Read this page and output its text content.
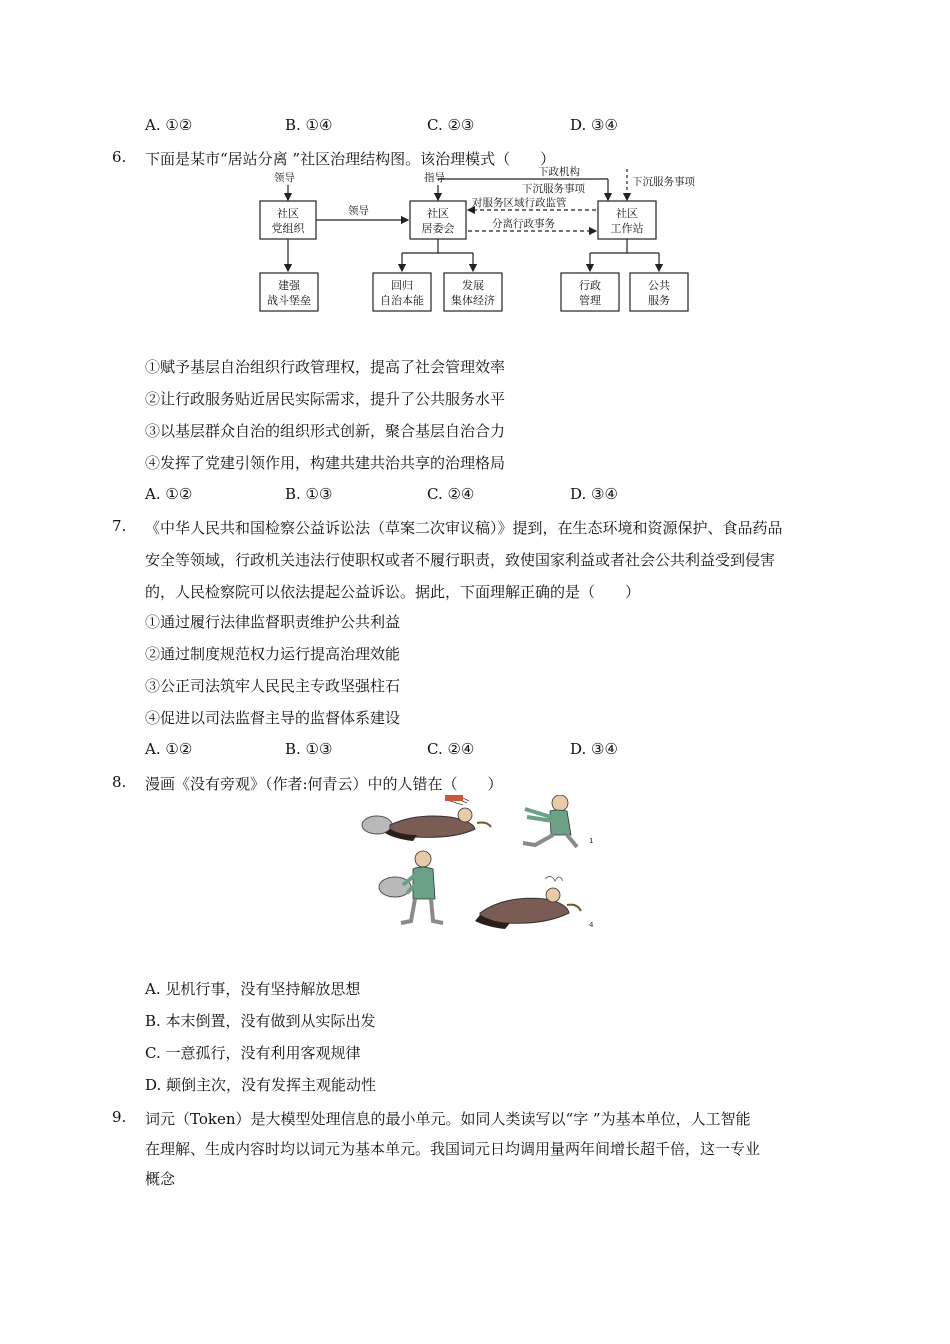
A. ①②	B. ①④	C. ②③	D. ③④
6. 下面是某市“居站分离 ”社区治理结构图。该治理模式（　　）
社区
党组织
社区
居委会
社区
工作站
建强
战斗堡垒
回归
自治本能
发展
集体经济
行政
管理
公共
服务
领导
领导
指导	下政机构
下沉服务事项
下沉服务事项
对服务区域行政监管
分离行政事务
①赋予基层自治组织行政管理权，提高了社会管理效率
②让行政服务贴近居民实际需求，提升了公共服务水平
③以基层群众自治的组织形式创新，聚合基层自治合力
④发挥了党建引领作用，构建共建共治共享的治理格局
A. ①②	B. ①③	C. ②④	D. ③④
7. 《中华人民共和国检察公益诉讼法（草案二次审议稿）》提到，在生态环境和资源保护、食品药品
安全等领域，行政机关违法行使职权或者不履行职责，致使国家利益或者社会公共利益受到侵害
的，人民检察院可以依法提起公益诉讼。据此，下面理解正确的是（　　）
①通过履行法律监督职责维护公共利益
②通过制度规范权力运行提高治理效能
③公正司法筑牢人民民主专政坚强柱石
④促进以司法监督主导的监督体系建设
A. ①②	B. ①③	C. ②④	D. ③④
8. 漫画《没有旁观》（作者:何青云）中的人错在（　　）
1
4
A. 见机行事，没有坚持解放思想
B. 本末倒置，没有做到从实际出发
C. 一意孤行，没有利用客观规律
D. 颠倒主次，没有发挥主观能动性
9. 词元（Token）是大模型处理信息的最小单元。如同人类读写以“字 ”为基本单位，人工智能
在理解、生成内容时均以词元为基本单元。我国词元日均调用量两年间增长超千倍，这一专业
概念
